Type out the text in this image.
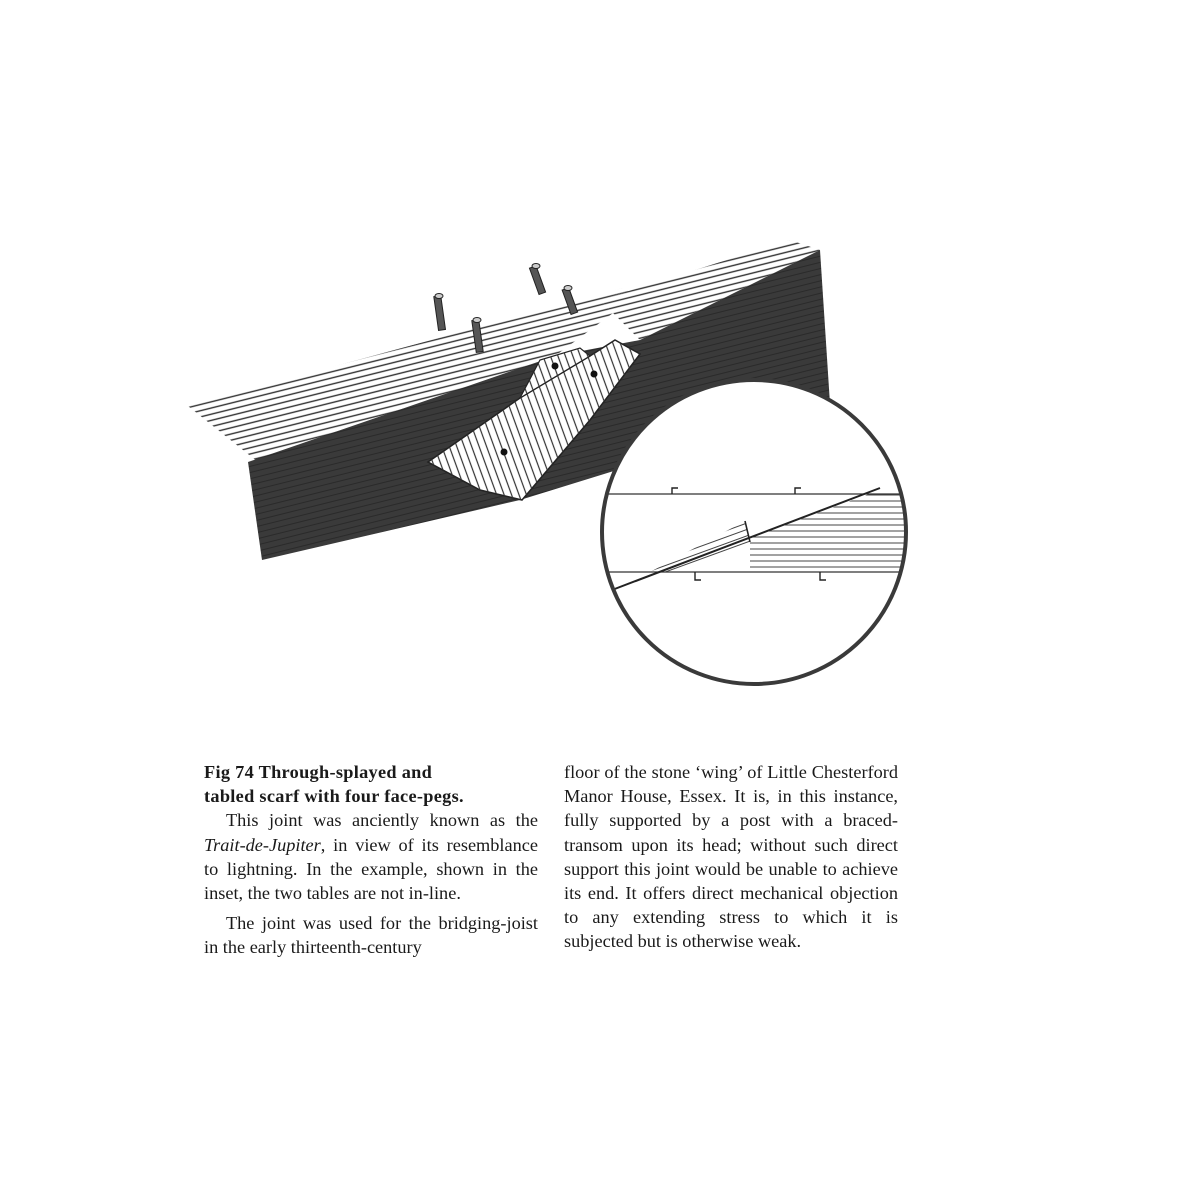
Fig 74 Through-splayed and
tabled scarf with four face-pegs.

This joint was anciently known as the Trait-de-Jupiter, in view of its resemblance to lightning. In the example, shown in the inset, the two tables are not in-line.

The joint was used for the bridging-joist in the early thirteenth-century

floor of the stone ‘wing’ of Little Chesterford Manor House, Essex. It is, in this instance, fully supported by a post with a braced-transom upon its head; without such direct support this joint would be unable to achieve its end. It offers direct mechanical objection to any extending stress to which it is subjected but is otherwise weak.
